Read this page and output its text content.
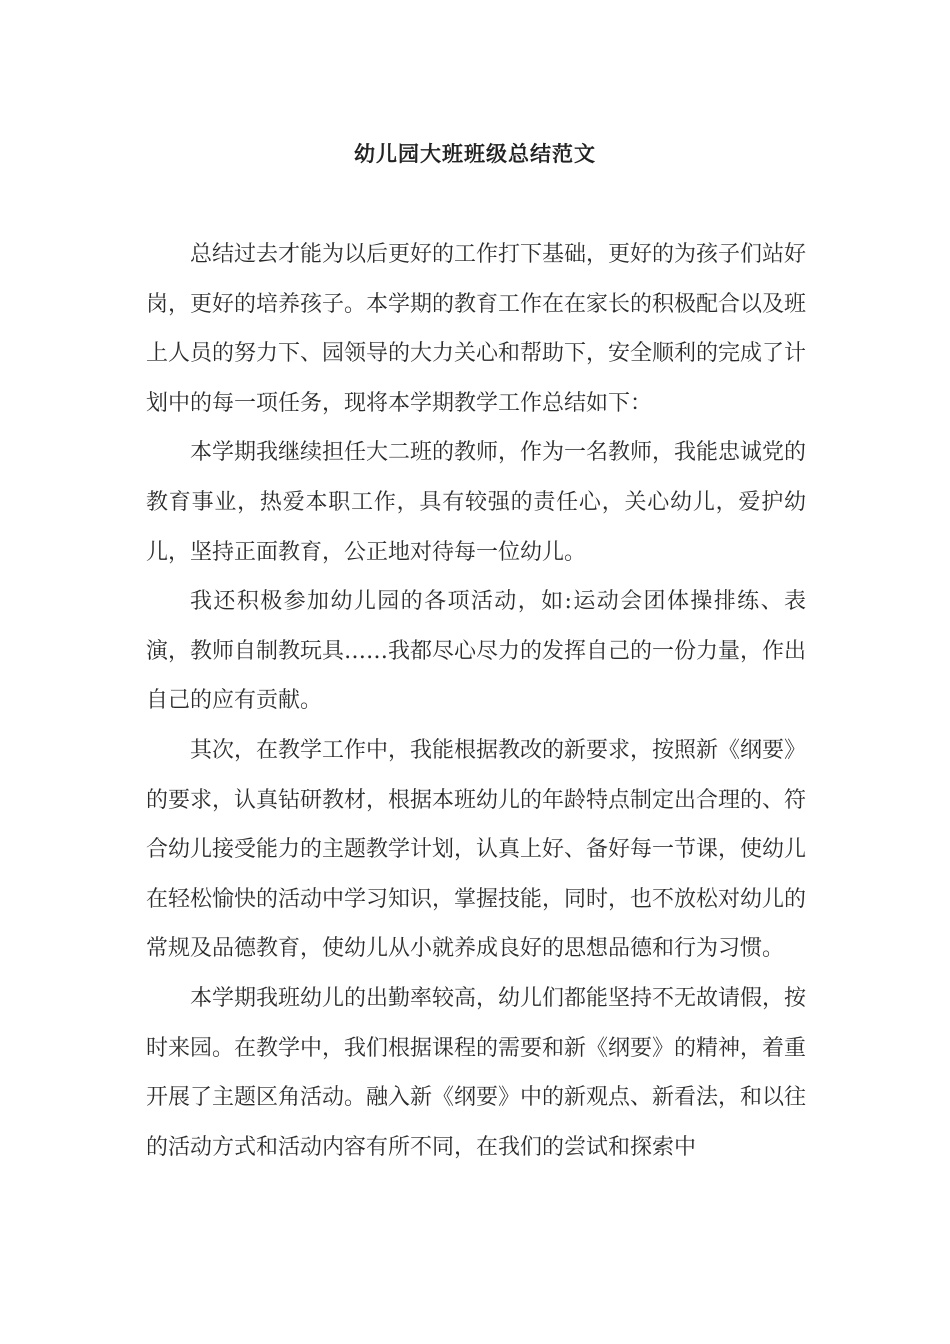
幼儿园大班班级总结范文

总结过去才能为以后更好的工作打下基础，更好的为孩子们站好岗，更好的培养孩子。本学期的教育工作在在家长的积极配合以及班上人员的努力下、园领导的大力关心和帮助下，安全顺利的完成了计划中的每一项任务，现将本学期教学工作总结如下：

本学期我继续担任大二班的教师，作为一名教师，我能忠诚党的教育事业，热爱本职工作，具有较强的责任心，关心幼儿，爱护幼儿，坚持正面教育，公正地对待每一位幼儿。

我还积极参加幼儿园的各项活动，如:运动会团体操排练、表演，教师自制教玩具……我都尽心尽力的发挥自己的一份力量，作出自己的应有贡献。

其次，在教学工作中，我能根据教改的新要求，按照新《纲要》的要求，认真钻研教材，根据本班幼儿的年龄特点制定出合理的、符合幼儿接受能力的主题教学计划，认真上好、备好每一节课，使幼儿在轻松愉快的活动中学习知识，掌握技能，同时，也不放松对幼儿的常规及品德教育，使幼儿从小就养成良好的思想品德和行为习惯。

本学期我班幼儿的出勤率较高，幼儿们都能坚持不无故请假，按时来园。在教学中，我们根据课程的需要和新《纲要》的精神，着重开展了主题区角活动。融入新《纲要》中的新观点、新看法，和以往的活动方式和活动内容有所不同，在我们的尝试和探索中
